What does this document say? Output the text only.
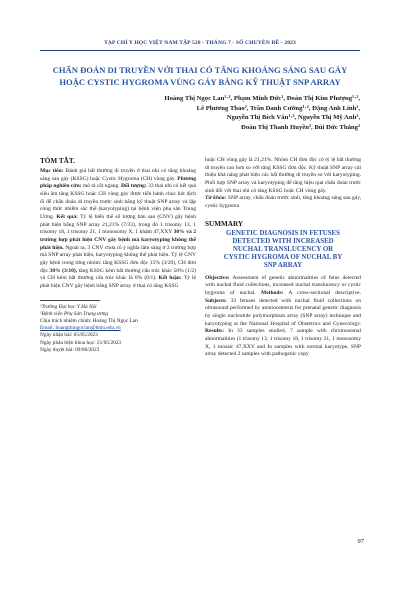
TẠP CHÍ Y HỌC VIỆT NAM TẬP 528 - THÁNG 7 - SỐ CHUYÊN ĐỀ - 2023
CHẨN ĐOÁN DI TRUYỀN VỚI THAI CÓ TĂNG KHOẢNG SÁNG SAU GÁY
HOẶC CYSTIC HYGROMA VÙNG GÁY BẰNG KỸ THUẬT SNP ARRAY
Hoàng Thị Ngọc Lan¹·², Phạm Minh Đức¹, Đoàn Thị Kim Phượng¹·²,
Lê Phương Thảo², Trần Danh Cường¹·², Đặng Anh Linh²,
Nguyễn Thị Bích Vân¹·², Nguyễn Thị Mỹ Anh²,
Đoàn Thị Thanh Huyền², Bùi Đức Thắng²
TÓM TẮT.

Mục tiêu: Đánh giá bất thường di truyền ở thai nhi có tăng khoảng sáng sau gáy (KSSG) hoặc Cystic Hygroma (CH) vùng gáy. Phương pháp nghiên cứu: mô tả cắt ngang. Đối tượng: 33 thai nhi có kết quả siêu âm tăng KSSG hoặc CH vùng gáy được tiến hành chọc hút dịch ối để chẩn đoán di truyền trước sinh bằng kỹ thuật SNP array và lập công thức nhiễm sắc thể (karyotyping) tại bệnh viện phụ sản Trung Ương. Kết quả: Tỷ lệ biến thể số lượng bản sao (CNV) gây bệnh phát hiện bằng SNP array 21,21% (7/33), trong đó 1 trisomy 13, 1 trisomy 18, 1 trisomy 21, 1 monosomy X, 1 khảm 47,XXY 30% và 2 trường hợp phát hiện CNV gây bệnh mà karyotyping không thể phát hiện. Ngoài ra, 3 CNV chưa rõ ý nghĩa lâm sàng ở 2 trường hợp mà SNP array phát hiện, karyotyping không thể phát hiện. Tỷ lệ CNV gây bệnh trong từng nhóm: tăng KSSG đơn độc 15% (3/20), CH đơn độc 30% (3/10), tăng KSSG kèm bất thường cấu trúc khác 50% (1/2) và CH kèm bất thường cấu trúc khác là 0% (0/1). Kết luận: Tỷ lệ phát hiện CNV gây bệnh bằng SNP array ở thai có tăng KSSG

¹Trường Đại học Y Hà Nội
²Bệnh viện Phụ Sản Trung ương
Chịu trách nhiệm chính: Hoàng Thị Ngọc Lan
Email: hoangthingoclan@hmu.edu.vn
Ngày nhận bài: 05/05/2023
Ngày phản biện khoa học: 21/05/2023
Ngày duyệt bài: 09/06/2023

hoặc CH vùng gáy là 21,21%. Nhóm CH đơn độc có tỷ lệ bất thường di truyền cao hơn so với tăng KSSG đơn độc. Kỹ thuật SNP array cải thiện khả năng phát hiện các bất thường di truyền so với karyotyping. Phối hợp SNP array và karyotyping để tăng hiệu quả chẩn đoán trước sinh đối với thai nhi có tăng KSSG hoặc CH vùng gáy.

Từ khóa: SNP array, chẩn đoán trước sinh, tăng khoảng sáng sau gáy, cystic hygroma

SUMMARY
GENETIC DIAGNOSIS IN FETUSES
DETECTED WITH INCREASED
NUCHAL TRANSLUCENCY OR
CYSTIC HYGROMA OF NUCHAL BY
SNP ARRAY

Objective: Assessment of genetic abnormalities of fetus detected with nuchal fluid collections, increased nuchal translucency or cystic hygroma of nuchal. Methods: A cross-sectional descriptive. Subjects: 33 fetuses detected with nuchal fluid collections on ultrasound performed by amniocentesis for prenatal genetic diagnosis by single nucleotide polymorphism array (SNP array) technique and karyotyping at the National Hospital of Obstetrics and Gynecology. Results: In 33 samples studied, 7 sample with chromosomal abnormalities (1 trisomy 13, 1 trisomy 18, 1 trisomy 21, 1 monosomy X, 1 mosaic 47,XXY and In samples with normal karyotype, SNP array detected 2 samples with pathogenic copy

97
